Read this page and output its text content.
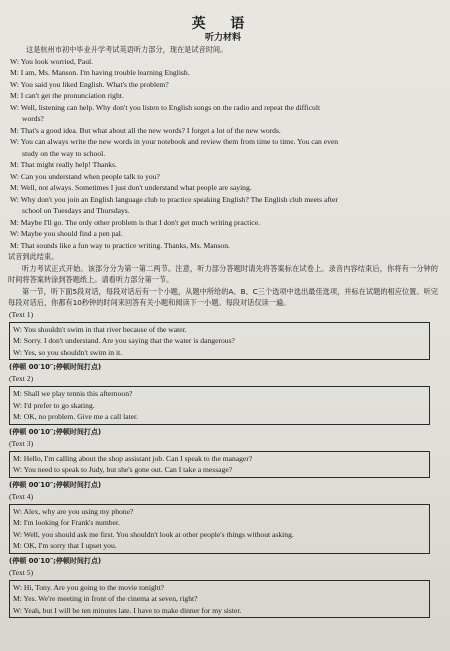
英 语
听力材料

这是杭州市初中毕业升学考试英语听力部分，现在是试音时间。

W: You look worried, Paul.

M: I am, Ms. Manson. I'm having trouble learning English.

W: You said you liked English. What's the problem?

M: I can't get the pronunciation right.

W: Well, listening can help. Why don't you listen to English songs on the radio and repeat the difficult

words?

M: That's a good idea. But what about all the new words? I forget a lot of the new words.

W: You can always write the new words in your notebook and review them from time to time. You can even

study on the way to school.

M: That might really help! Thanks.

W: Can you understand when people talk to you?

M: Well, not always. Sometimes I just don't understand what people are saying.

W: Why don't you join an English language club to practice speaking English? The English club meets after

school on Tuesdays and Thursdays.

M: Maybe I'll go. The only other problem is that I don't get much writing practice.

W: Maybe you should find a pen pal.

M: That sounds like a fun way to practice writing. Thanks, Ms. Manson.

试音到此结束。

听力考试正式开始。该部分分为第一第二两节。注意，听力部分答题时请先将答案标在试卷上。录音内容结束后，你将有一分钟的时间将答案转涂到答题纸上。请看听力部分第一节。

第一节，听下面5段对话，每段对话后有一个小题，从题中所给的A、B、C三个选项中选出最佳选项，并标在试题的相应位置。听完每段对话后，你都有10秒钟的时间来回答有关小题和阅读下一小题。每段对话仅读一遍。

(Text 1)

W: You shouldn't swim in that river because of the water.

M: Sorry. I don't understand. Are you saying that the water is dangerous?

W: Yes, so you shouldn't swim in it.

(停顿 00′10″;停顿时间打点)
(Text 2)

M: Shall we play tennis this afternoon?

W: I'd prefer to go skating.

M: OK, no problem. Give me a call later.

(停顿 00′10″;停顿时间打点)
(Text 3)

M: Hello, I'm calling about the shop assistant job. Can I speak to the manager?

W: You need to speak to Judy, but she's gone out. Can I take a message?

(停顿 00′10″;停顿时间打点)
(Text 4)

W: Alex, why are you using my phone?

M: I'm looking for Frank's number.

W: Well, you should ask me first. You shouldn't look at other people's things without asking.

M: OK, I'm sorry that I upset you.

(停顿 00′10″;停顿时间打点)
(Text 5)

W: Hi, Tony. Are you going to the movie tonight?

M: Yes. We're meeting in front of the cinema at seven, right?

W: Yeah, but I will be ten minutes late. I have to make dinner for my sister.
